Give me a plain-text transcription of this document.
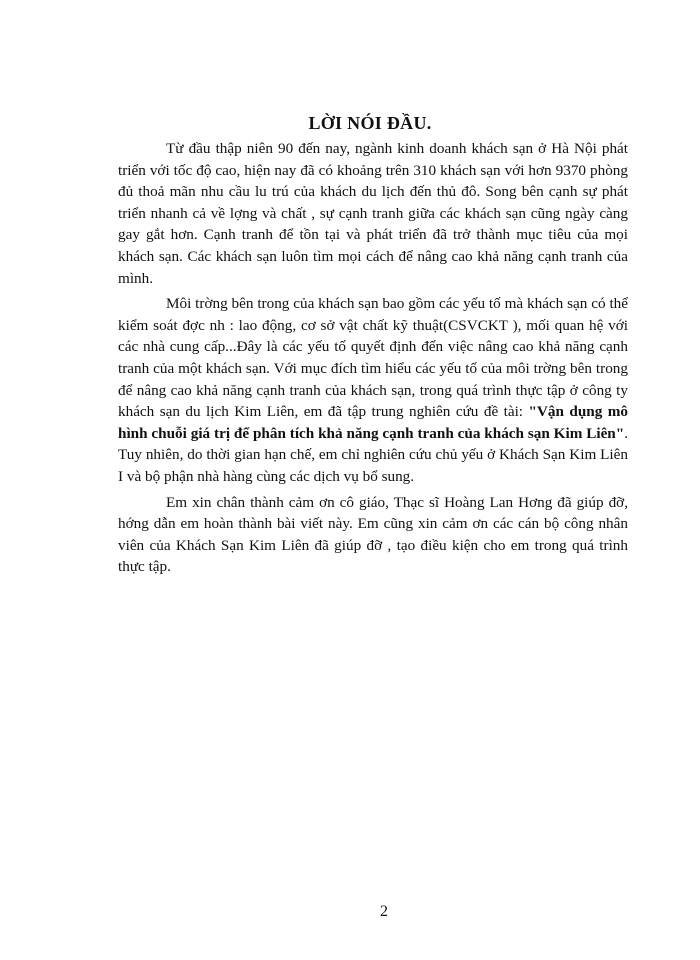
LỜI NÓI ĐẦU.

Từ đầu thập niên 90 đến nay, ngành kinh doanh khách sạn ở Hà Nội phát triển với tốc độ cao, hiện nay đã có khoảng trên 310 khách sạn với hơn 9370 phòng đủ thoả mãn nhu cầu lu trú của khách du lịch đến thủ đô. Song bên cạnh sự phát triển nhanh cả về lợng và chất , sự cạnh tranh giữa các khách sạn cũng ngày càng gay gắt hơn. Cạnh tranh để tồn tại và phát triển đã trở thành mục tiêu của mọi khách sạn. Các khách sạn luôn tìm mọi cách để nâng cao khả năng cạnh tranh của mình.

Môi trờng bên trong của khách sạn bao gồm các yếu tố mà khách sạn có thể kiểm soát đợc nh : lao động, cơ sở vật chất kỹ thuật(CSVCKT ), mối quan hệ với các nhà cung cấp...Đây là các yếu tố quyết định đến việc nâng cao khả năng cạnh tranh của một khách sạn. Với mục đích tìm hiểu các yếu tố của môi trờng bên trong để nâng cao khả năng cạnh tranh của khách sạn, trong quá trình thực tập ở công ty khách sạn du lịch Kim Liên, em đã tập trung nghiên cứu đề tài: "Vận dụng mô hình chuỗi giá trị để phân tích khả năng cạnh tranh của khách sạn Kim Liên". Tuy nhiên, do thời gian hạn chế, em chỉ nghiên cứu chủ yếu ở Khách Sạn Kim Liên I và bộ phận nhà hàng cùng các dịch vụ bổ sung.

Em xin chân thành cảm ơn cô giáo, Thạc sĩ Hoàng Lan Hơng đã giúp đỡ, hớng dẫn em hoàn thành bài viết này. Em cũng xin cảm ơn các cán bộ công nhân viên của Khách Sạn Kim Liên đã giúp đỡ , tạo điều kiện cho em trong quá trình thực tập.

2
